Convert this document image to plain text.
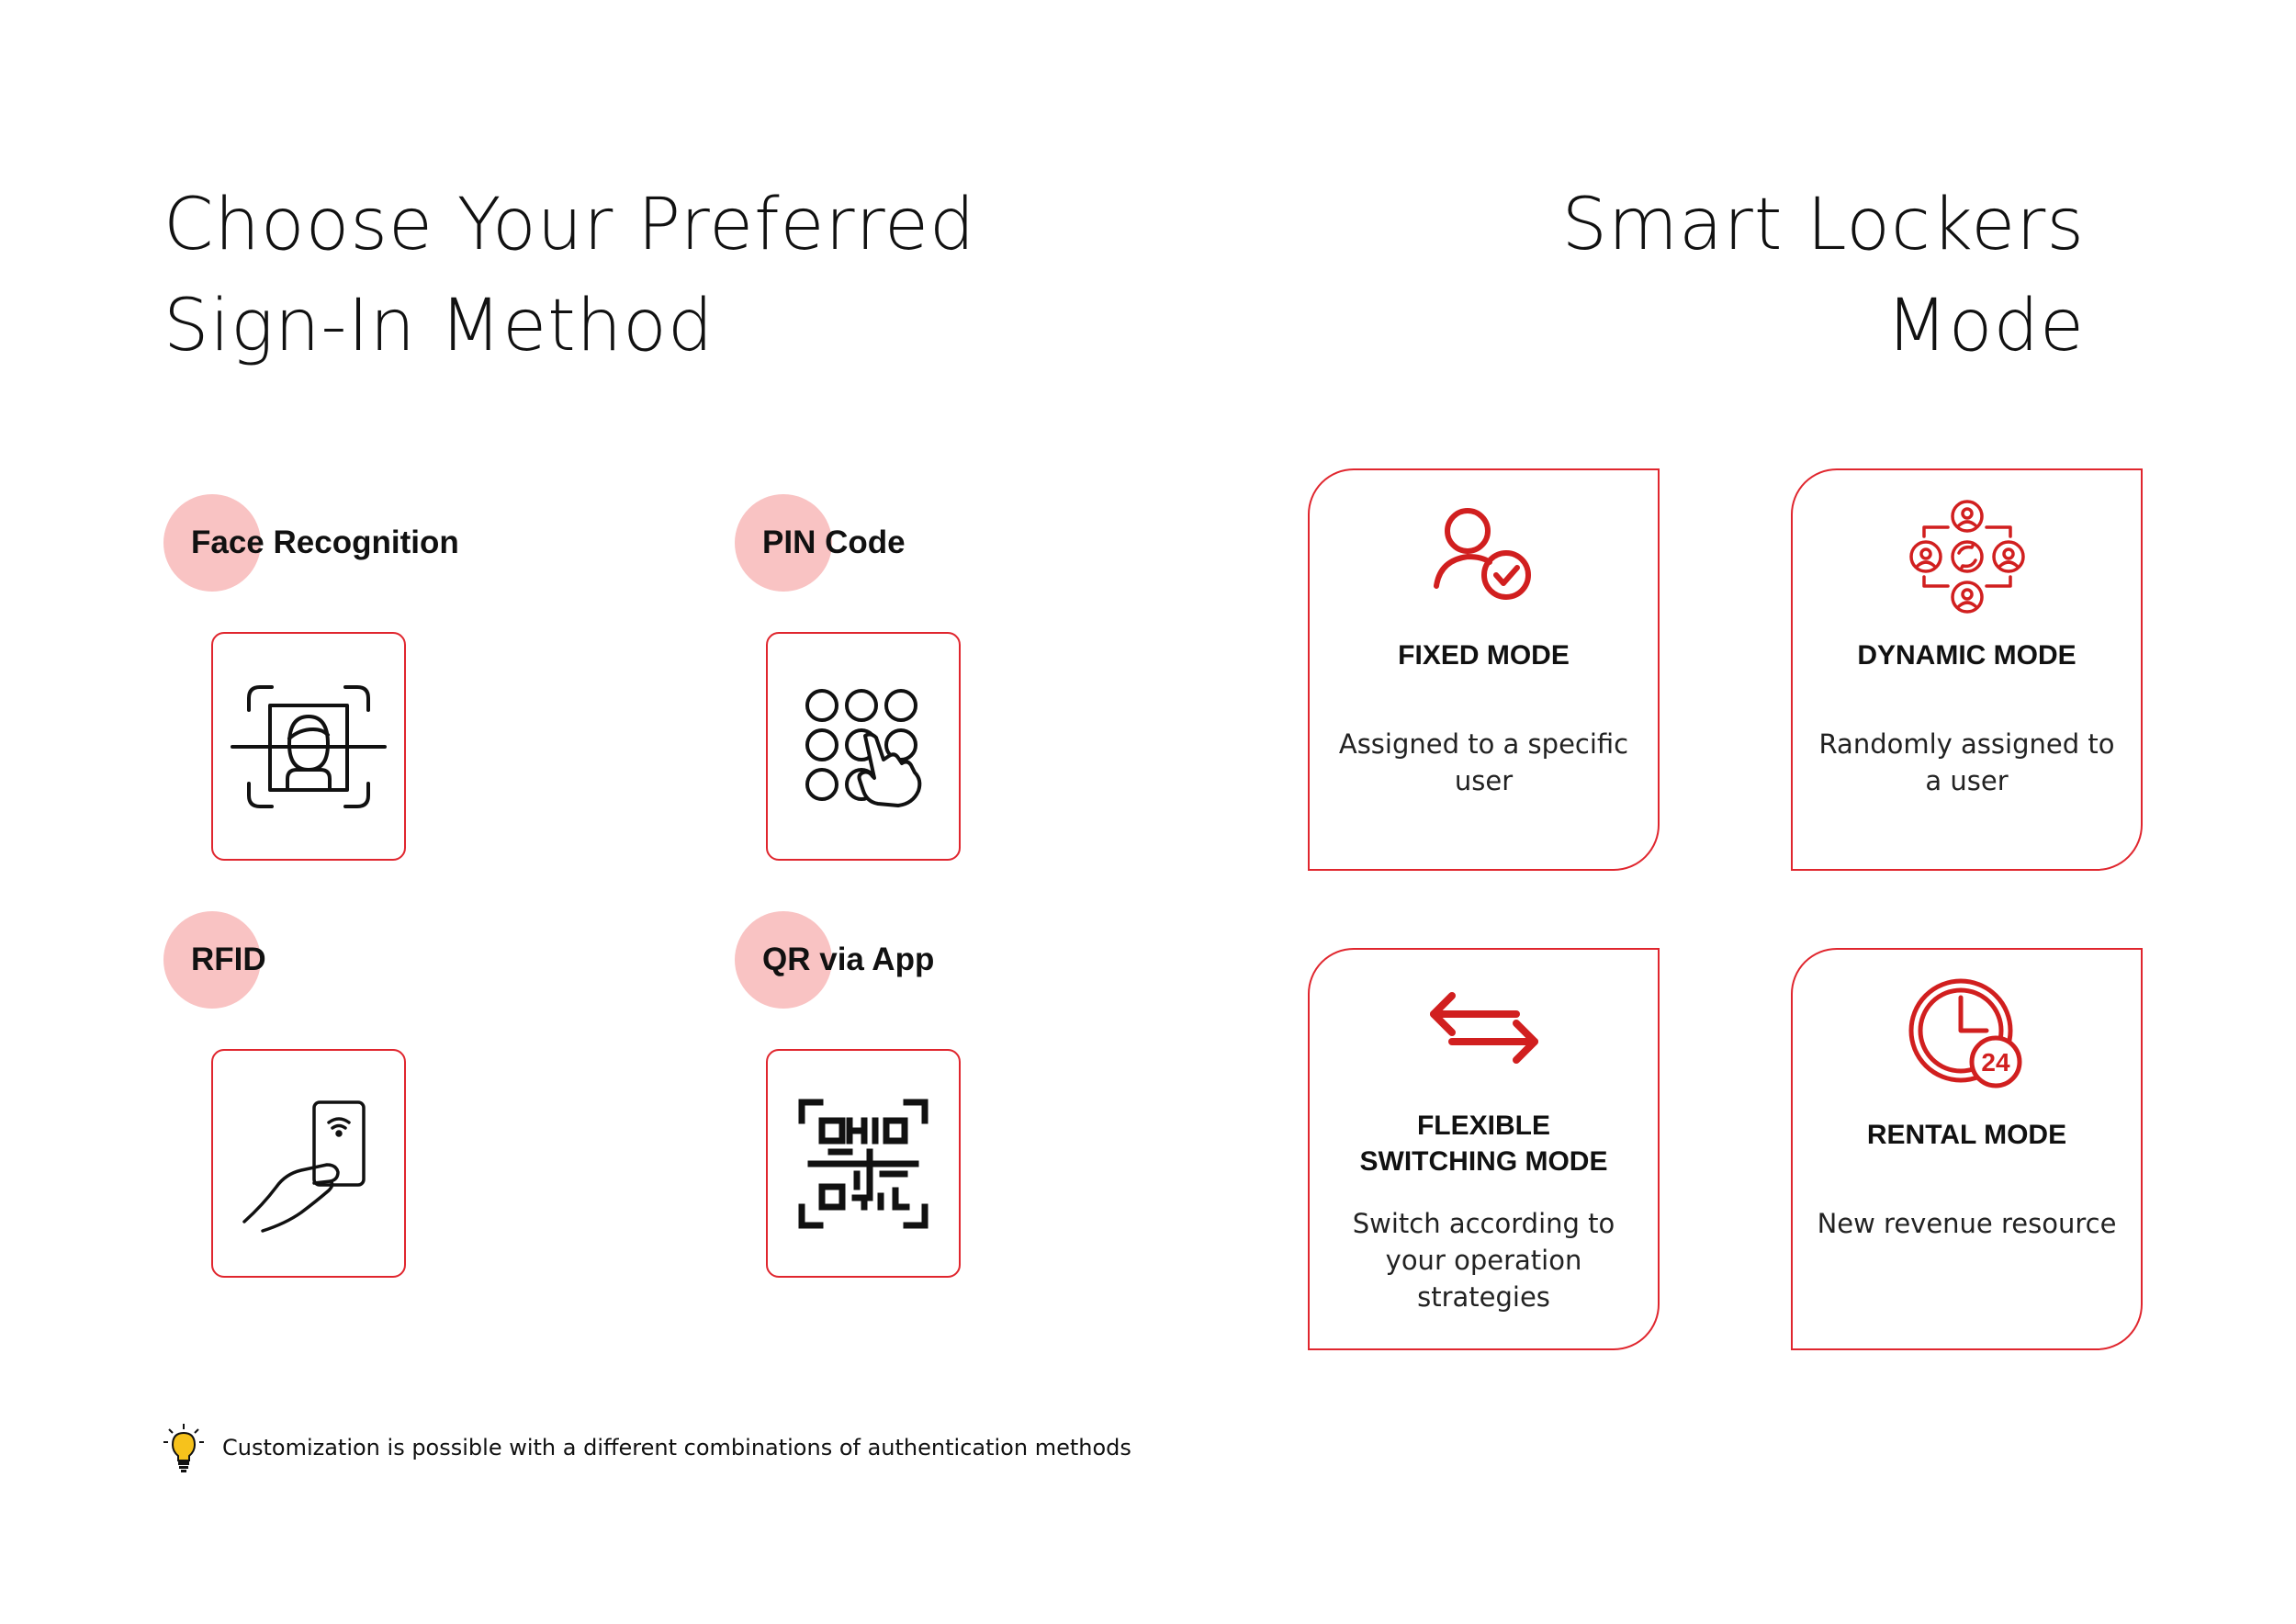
Choose Your Preferred
Sign-In Method
Smart Lockers
Mode
Face Recognition	PIN Code
RFID	QR via App
FIXED MODE
Assigned to a specific
user
DYNAMIC MODE
Randomly assigned to
a user
FLEXIBLE
SWITCHING MODE
Switch according to
your operation
strategies
24
RENTAL MODE
New revenue resource
Customization is possible with a different combinations of authentication methods
